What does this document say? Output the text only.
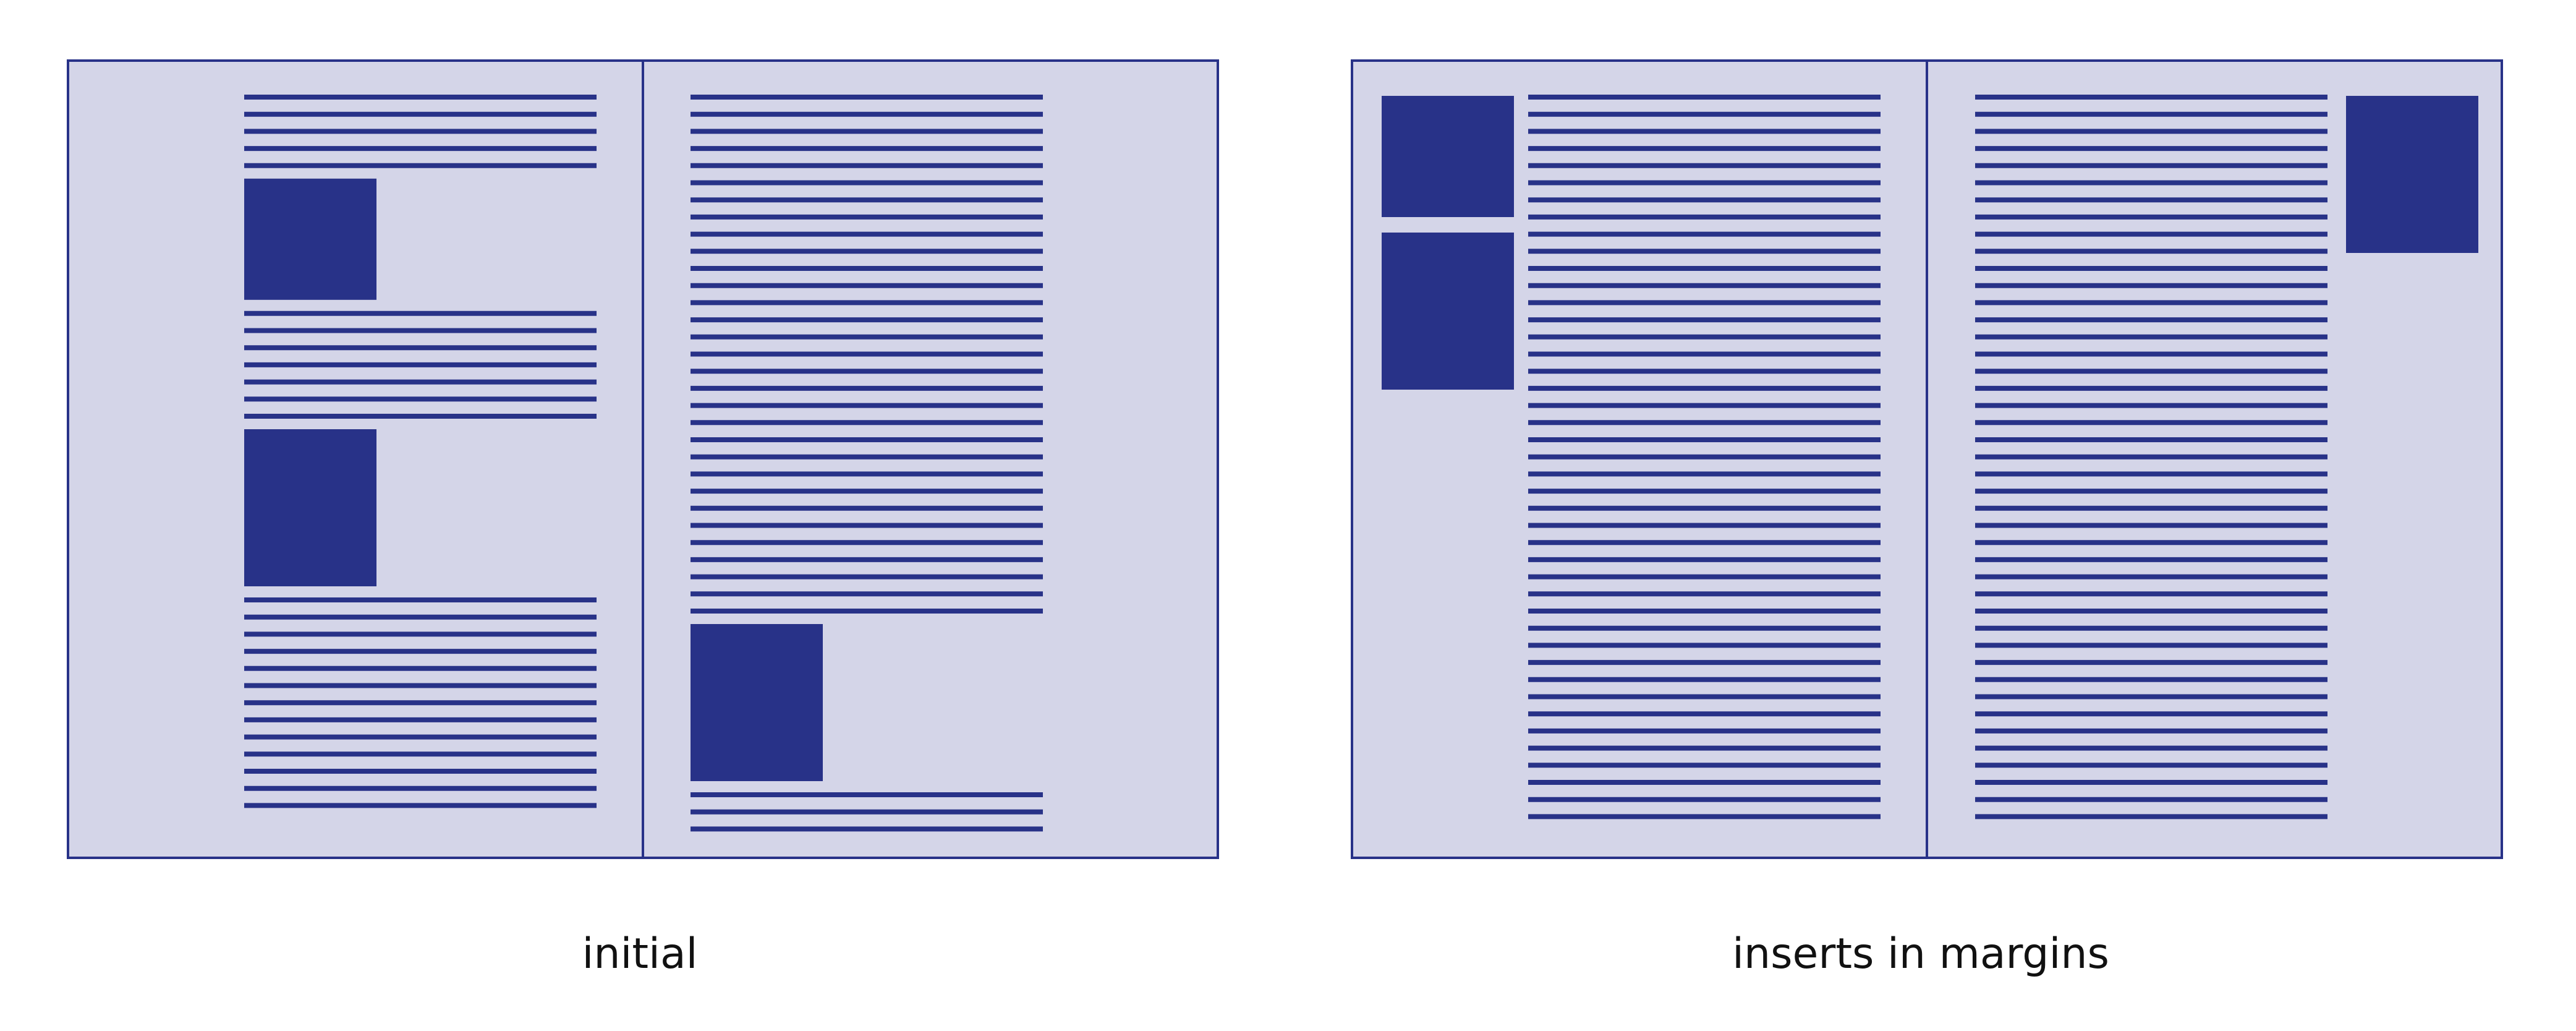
initial	inserts in margins
